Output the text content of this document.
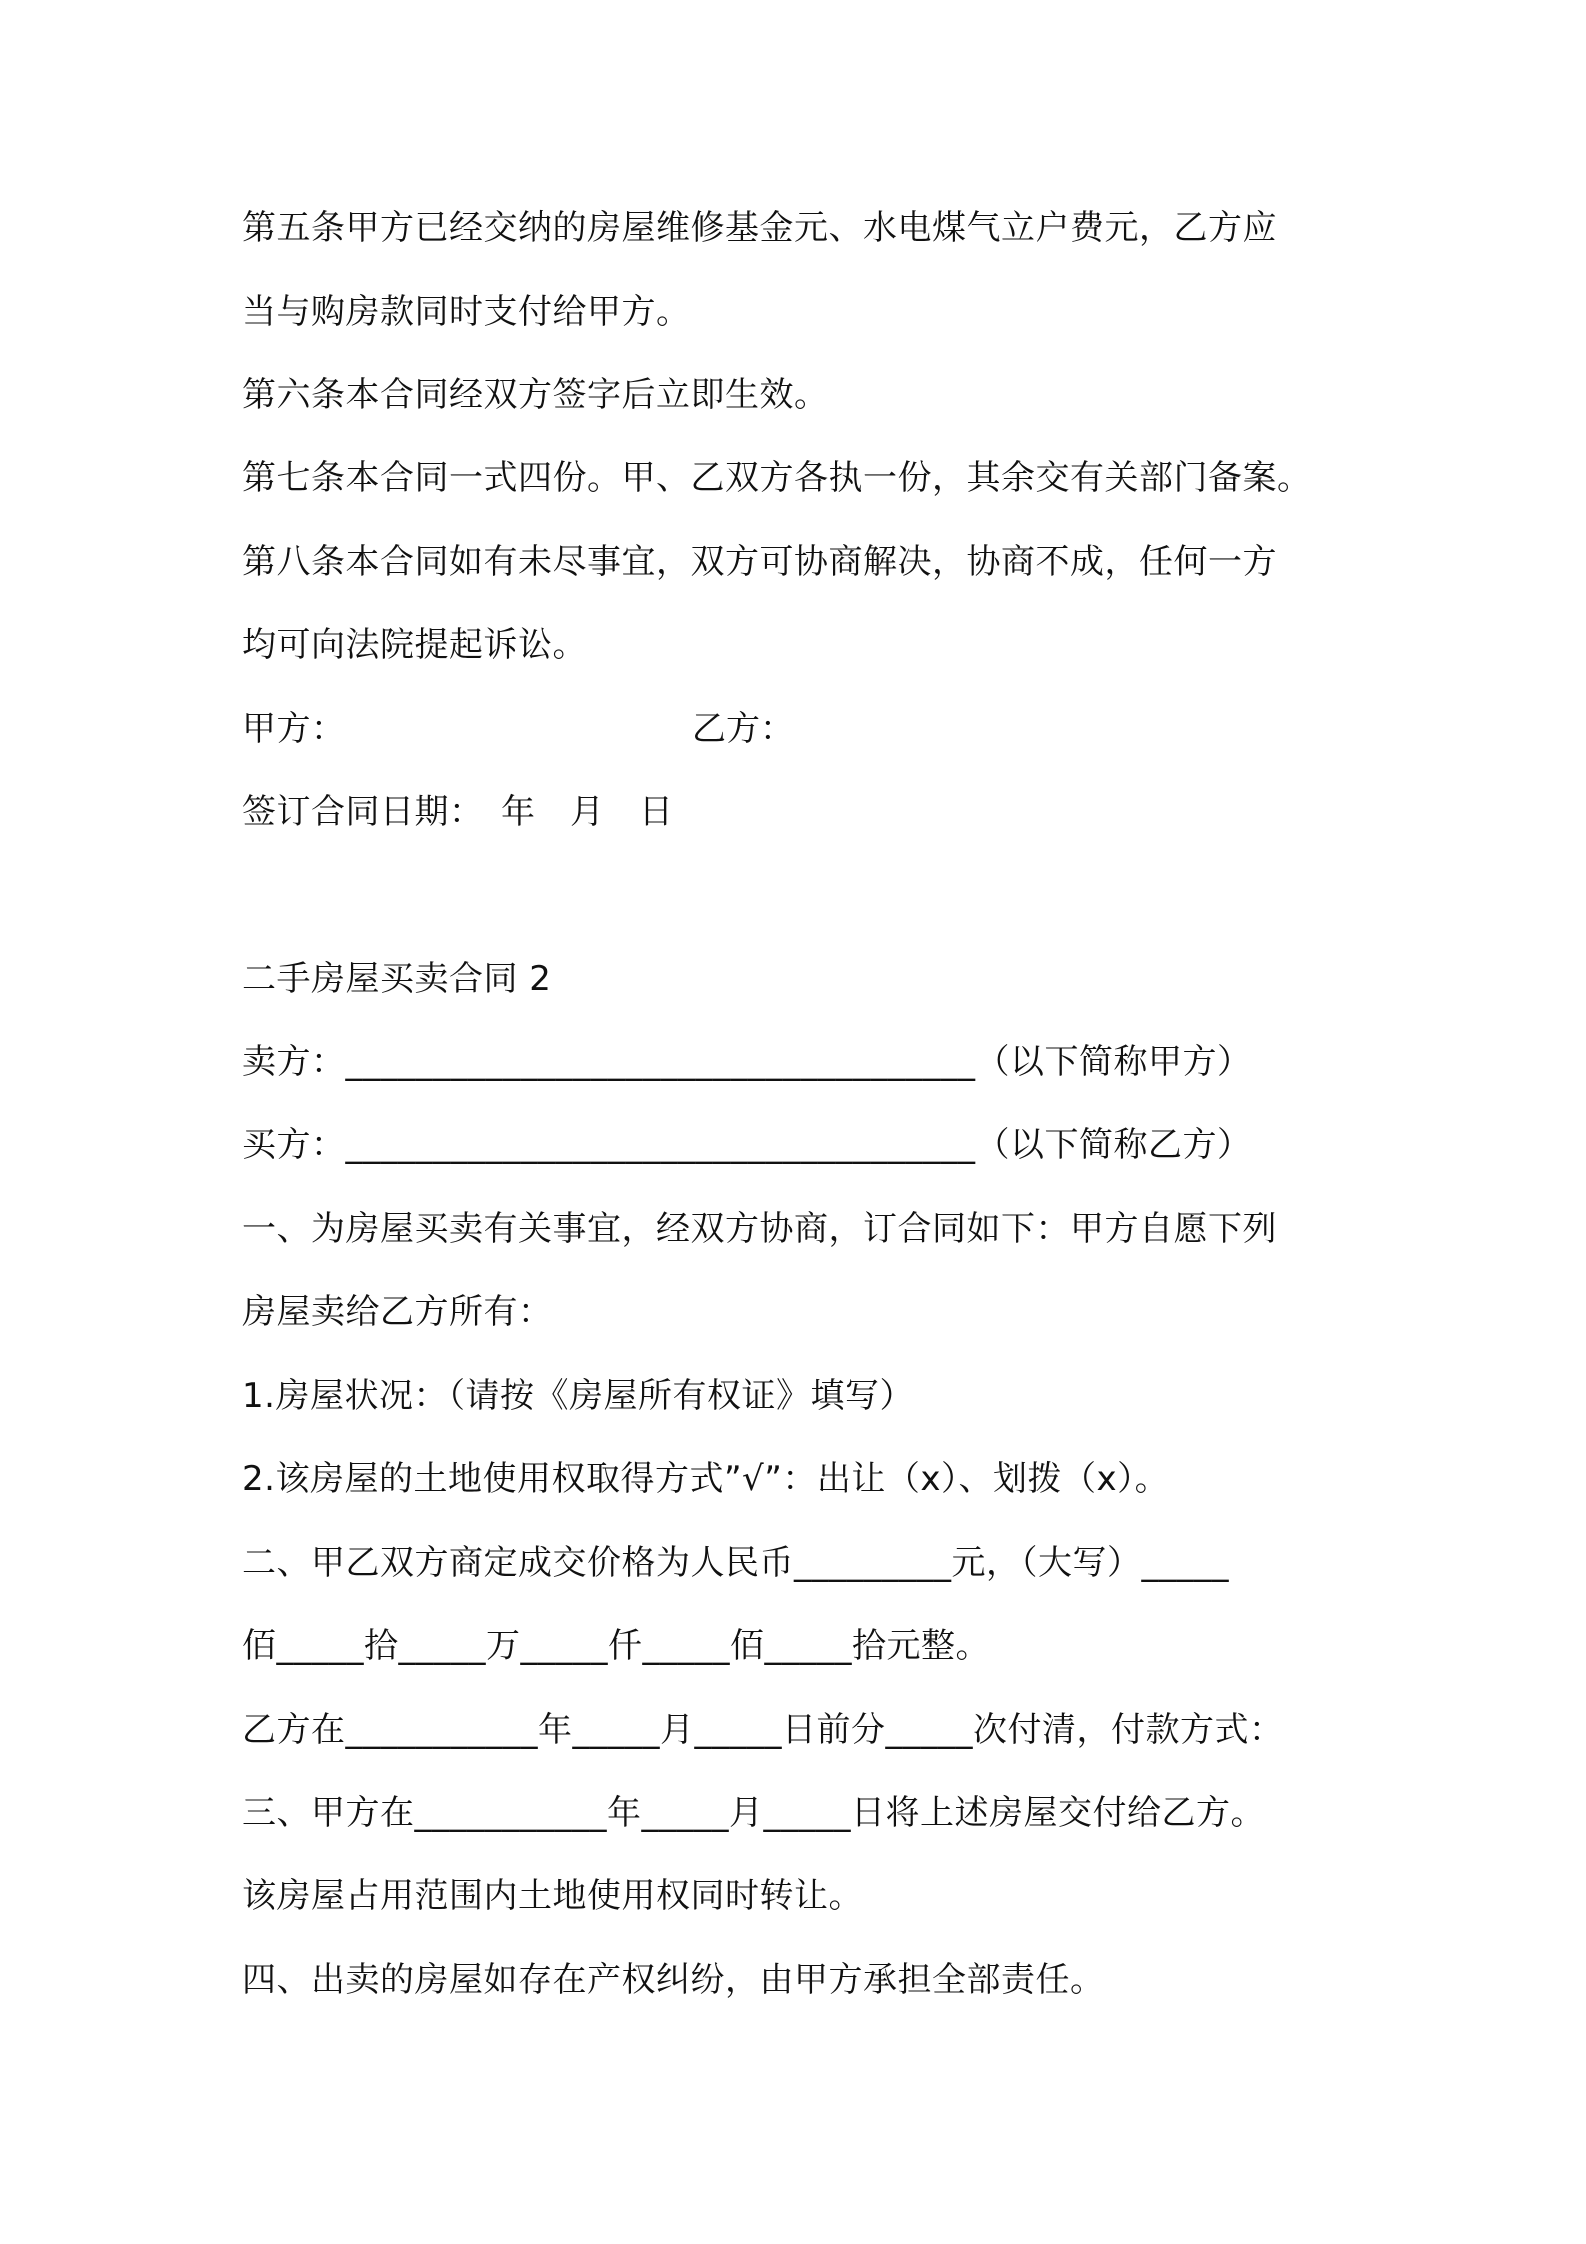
第五条甲方已经交纳的房屋维修基金元、水电煤气立户费元，乙方应
当与购房款同时支付给甲方。
第六条本合同经双方签字后立即生效。
第七条本合同一式四份。甲、乙双方各执一份，其余交有关部门备案。
第八条本合同如有未尽事宜，双方可协商解决，协商不成，任何一方
均可向法院提起诉讼。
甲方：	乙方：
签订合同日期：　年　月　日
二手房屋买卖合同 2
卖方：____________________________________（以下简称甲方）
买方：____________________________________（以下简称乙方）
一、为房屋买卖有关事宜，经双方协商，订合同如下：甲方自愿下列
房屋卖给乙方所有：
1.房屋状况：（请按《房屋所有权证》填写）
2.该房屋的土地使用权取得方式”√”：出让（x）、划拨（x）。
二、甲乙双方商定成交价格为人民币_________元，（大写）_____
佰_____拾_____万_____仟_____佰_____拾元整。
乙方在___________年_____月_____日前分_____次付清，付款方式：
三、甲方在___________年_____月_____日将上述房屋交付给乙方。
该房屋占用范围内土地使用权同时转让。
四、出卖的房屋如存在产权纠纷，由甲方承担全部责任。
